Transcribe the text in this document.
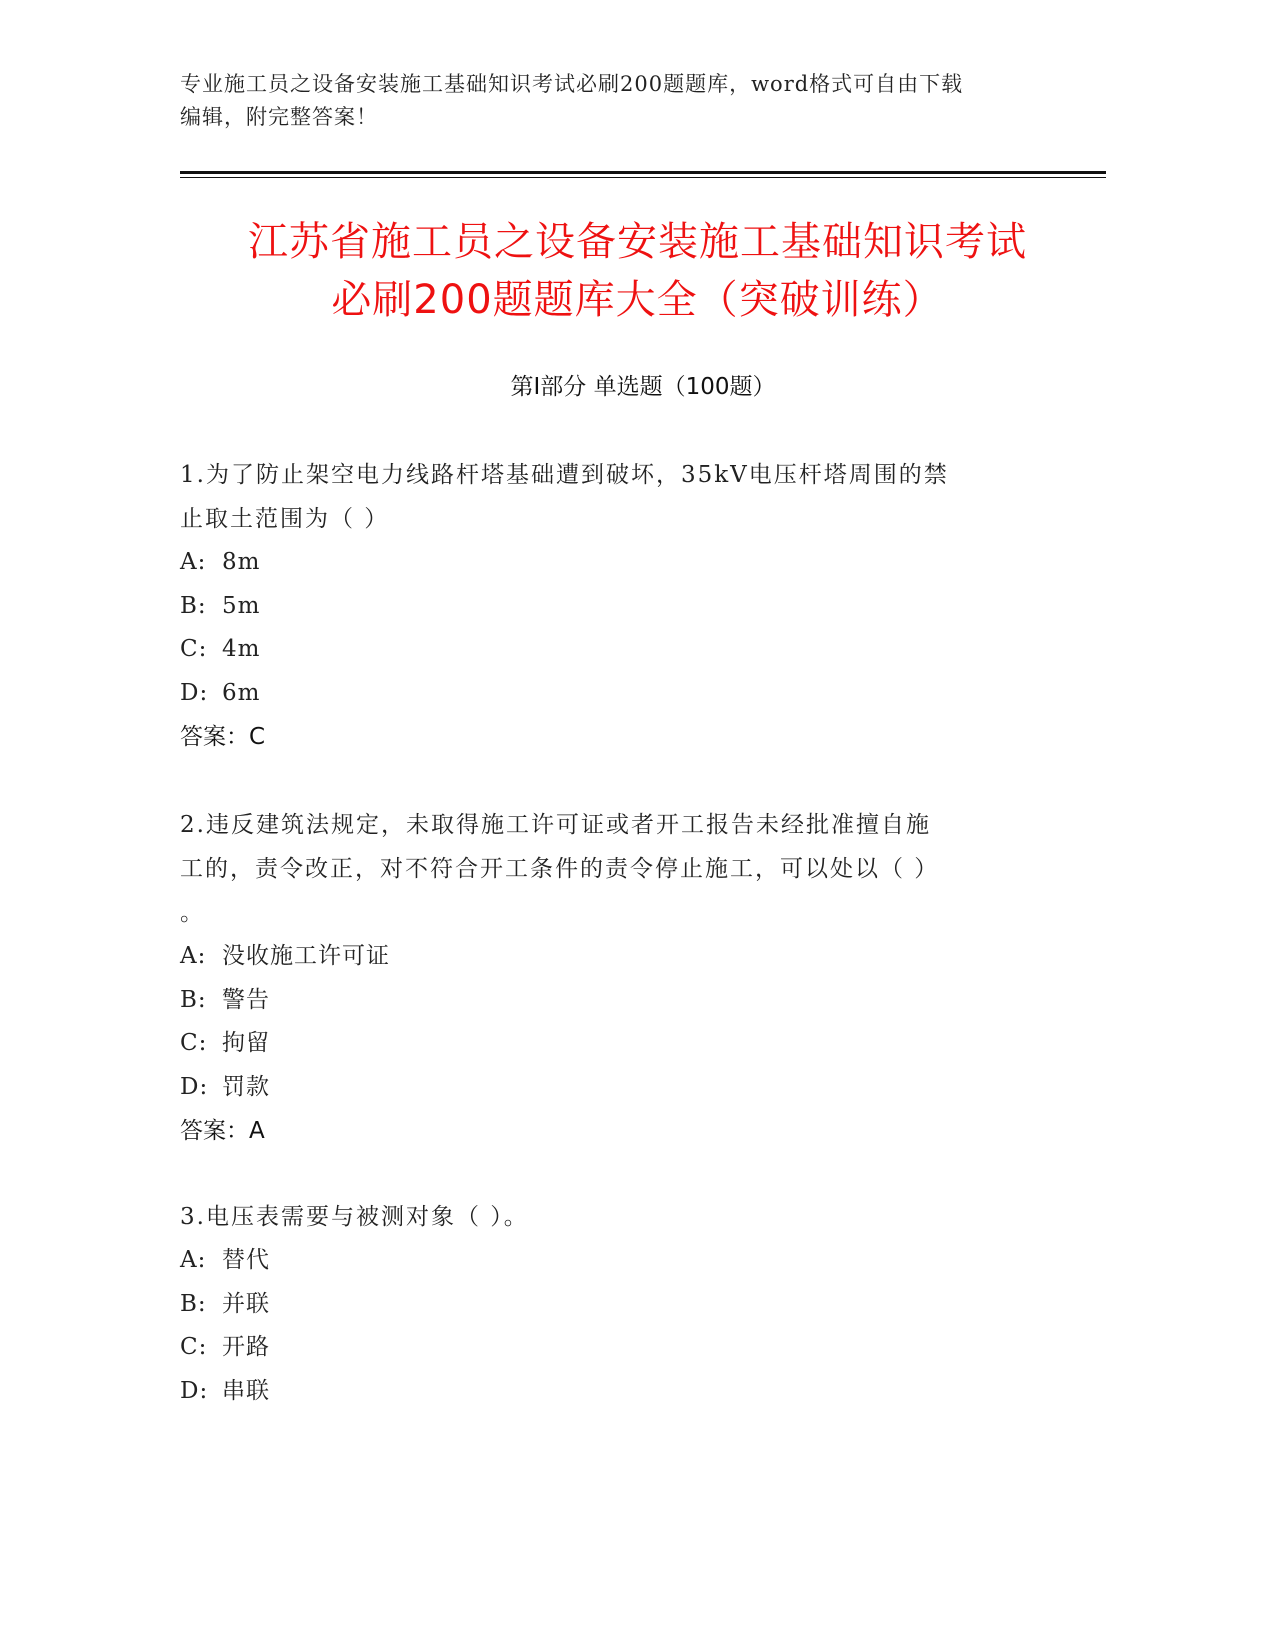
专业施工员之设备安装施工基础知识考试必刷200题题库，word格式可自由下载
编辑，附完整答案！
江苏省施工员之设备安装施工基础知识考试
必刷200题题库大全（突破训练）
第Ⅰ部分 单选题（100题）
1.为了防止架空电力线路杆塔基础遭到破坏，35kV电压杆塔周围的禁
止取土范围为（ ）
A: 8m
B: 5m
C: 4m
D: 6m
答案：C
2.违反建筑法规定，未取得施工许可证或者开工报告未经批准擅自施
工的，责令改正，对不符合开工条件的责令停止施工，可以处以（ ）
。
A: 没收施工许可证
B: 警告
C: 拘留
D: 罚款
答案：A
3.电压表需要与被测对象（ ）。
A: 替代
B: 并联
C: 开路
D: 串联
